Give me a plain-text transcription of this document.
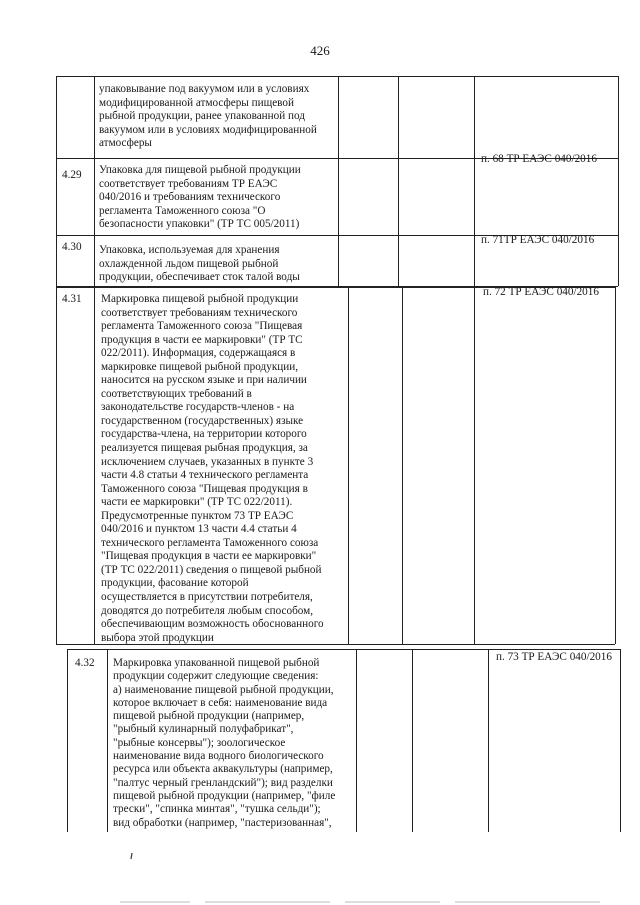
426
упаковывание под вакуумом или в условиях
модифицированной атмосферы пищевой
рыбной продукции, ранее упакованной под
вакуумом или в условиях модифицированной
атмосферы
4.29 Упаковка для пищевой рыбной продукции
соответствует требованиям ТР ЕАЭС
040/2016 и требованиям технического
регламента Таможенного союза "О
безопасности упаковки" (ТР ТС 005/2011)
п. 68 ТР ЕАЭС 040/2016
4.30 Упаковка, используемая для хранения
охлажденной льдом пищевой рыбной
продукции, обеспечивает сток талой воды
п. 71ТР ЕАЭС 040/2016
4.31 Маркировка пищевой рыбной продукции
соответствует требованиям технического
регламента Таможенного союза "Пищевая
продукция в части ее маркировки" (ТР ТС
022/2011). Информация, содержащаяся в
маркировке пищевой рыбной продукции,
наносится на русском языке и при наличии
соответствующих требований в
законодательстве государств-членов - на
государственном (государственных) языке
государства-члена, на территории которого
реализуется пищевая рыбная продукция, за
исключением случаев, указанных в пункте 3
части 4.8 статьи 4 технического регламента
Таможенного союза "Пищевая продукция в
части ее маркировки" (ТР ТС 022/2011).
Предусмотренные пунктом 73 ТР ЕАЭС
040/2016 и пунктом 13 части 4.4 статьи 4
технического регламента Таможенного союза
"Пищевая продукция в части ее маркировки"
(ТР ТС 022/2011) сведения о пищевой рыбной
продукции, фасование которой
осуществляется в присутствии потребителя,
доводятся до потребителя любым способом,
обеспечивающим возможность обоснованного
выбора этой продукции
п. 72 ТР ЕАЭС 040/2016
4.32 Маркировка упакованной пищевой рыбной
продукции содержит следующие сведения:
а) наименование пищевой рыбной продукции,
которое включает в себя: наименование вида
пищевой рыбной продукции (например,
"рыбный кулинарный полуфабрикат",
"рыбные консервы"); зоологическое
наименование вида водного биологического
ресурса или объекта аквакультуры (например,
"палтус черный гренландский"); вид разделки
пищевой рыбной продукции (например, "филе
трески", "спинка минтая", "тушка сельди");
вид обработки (например, "пастеризованная",
п. 73 ТР ЕАЭС 040/2016
